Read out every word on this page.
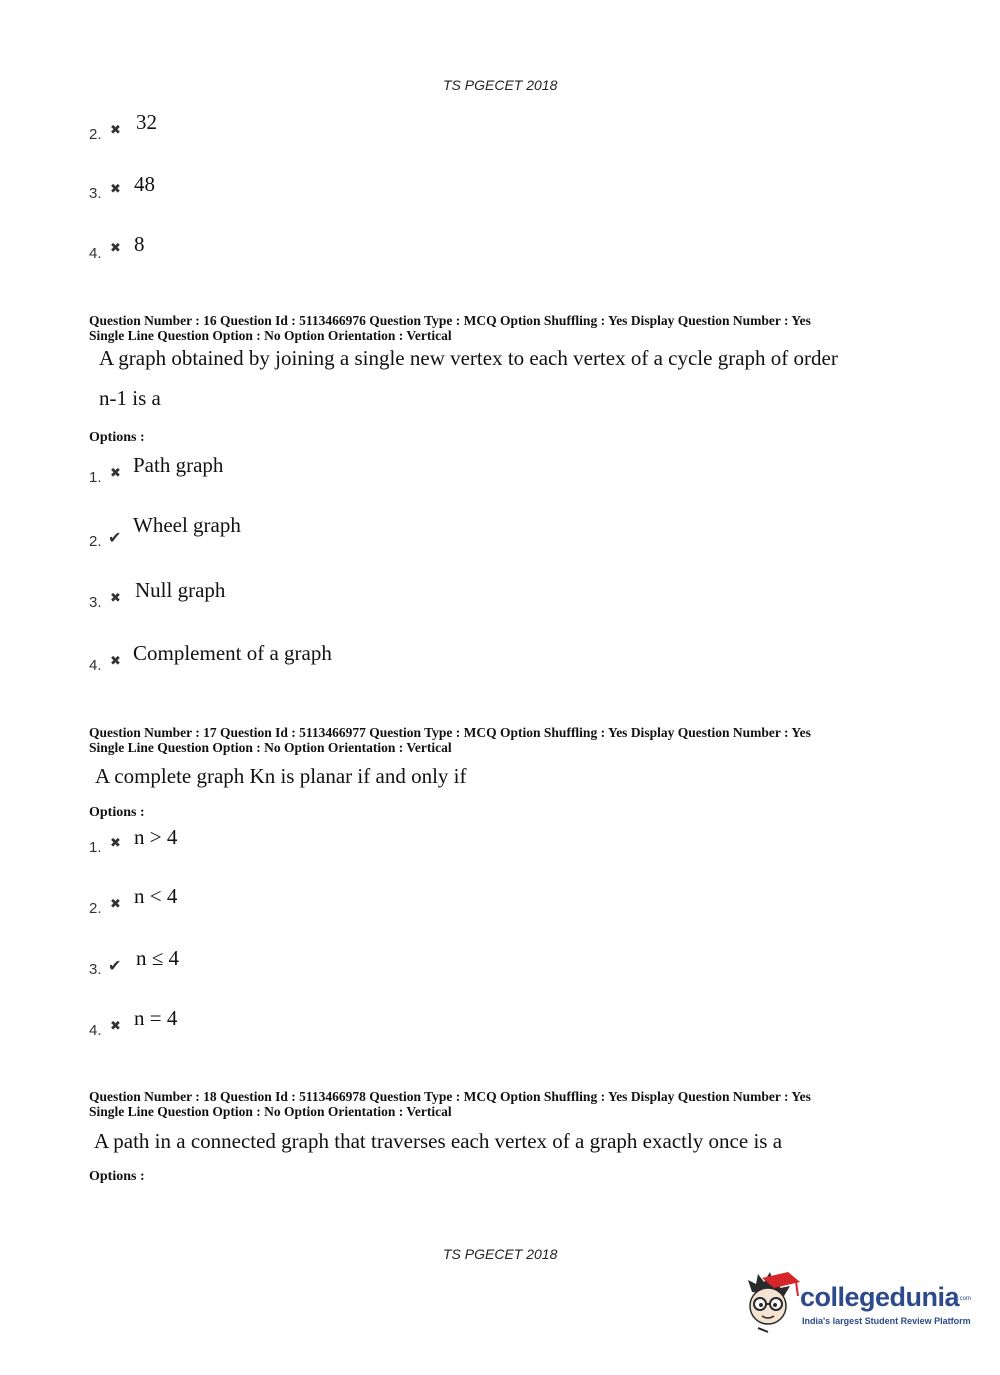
TS PGECET 2018
2. ✖ 32
3. ✖ 48
4. ✖ 8
Question Number : 16 Question Id : 5113466976 Question Type : MCQ Option Shuffling : Yes Display Question Number : Yes
Single Line Question Option : No Option Orientation : Vertical
A graph obtained by joining a single new vertex to each vertex of a cycle graph of order
n-1 is a
Options :
1. ✖ Path graph
2. ✔
Wheel graph
3. ✖ Null graph
4. ✖ Complement of a graph
Question Number : 17 Question Id : 5113466977 Question Type : MCQ Option Shuffling : Yes Display Question Number : Yes
Single Line Question Option : No Option Orientation : Vertical
A complete graph Kn is planar if and only if
Options :
1. ✖ n > 4
2. ✖ n < 4
3. ✔ n ≤ 4
4. ✖ n = 4
Question Number : 18 Question Id : 5113466978 Question Type : MCQ Option Shuffling : Yes Display Question Number : Yes
Single Line Question Option : No Option Orientation : Vertical
A path in a connected graph that traverses each vertex of a graph exactly once is a
Options :
TS PGECET 2018
collegedunia
.com
India's largest Student Review Platform
